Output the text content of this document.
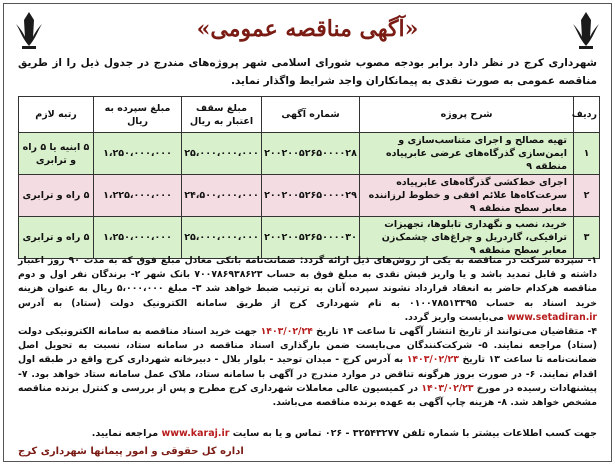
«آگهی مناقصه عمومی»
شهرداری کرج در نظر دارد برابر بودجه مصوب شورای اسلامی شهر پروژه‌های مندرج در جدول ذیل را از طریق مناقصه عمومی به صورت نقدی به پیمانکاران واجد شرایط واگذار نماید.
ردیف	شرح پروژه	شماره آگهی	مبلغ سقف اعتبار به ریال	مبلغ سپرده به ریال	رتبه لازم
۱	تهیه مصالح و اجرای متناسب‌سازی و ایمن‌سازی گذرگاه‌های عرضی عابرپیاده منطقه ۹	۲۰۰۲۰۰۵۲۶۵۰۰۰۰۲۸	۲۵،۰۰۰،۰۰۰،۰۰۰	۱،۲۵۰،۰۰۰،۰۰۰	۵ ابنیه یا ۵ راه و ترابری
۲	اجرای خط‌کشی گذرگاه‌های عابرپیاده سرعت‌کاه‌ها علائم افقی و خطوط لرزاننده معابر سطح منطقه ۹	۲۰۰۲۰۰۵۲۶۵۰۰۰۰۲۹	۲۴،۵۰۰،۰۰۰،۰۰۰	۱،۲۲۵،۰۰۰،۰۰۰	۵ راه و ترابری
۳	خرید، نصب و نگهداری تابلوها، تجهیزات ترافیکی، گاردریل و چراغ‌های چشمک‌زن معابر سطح منطقه ۹	۲۰۰۲۰۰۵۲۶۵۰۰۰۰۳۰	۲۵،۰۰۰،۰۰۰،۰۰۰	۱،۲۵۰،۰۰۰،۰۰۰	۵ راه و ترابری

۱- سپرده شرکت در مناقصه به یکی از روش‌های ذیل ارائه گردد: ضمانت‌نامه بانکی معادل مبلغ فوق که به مدت ۹۰ روز اعتبار داشته و قابل تمدید باشد و یا واریز فیش نقدی به مبلغ فوق به حساب ۷۰۰۷۸۶۹۳۸۶۲۳ بانک شهر ۲- برندگان نفر اول و دوم مناقصه هرکدام حاضر به انعقاد قرارداد نشوند سپرده آنان به ترتیب ضبط خواهد شد ۳- مبلغ ۵،۰۰۰،۰۰۰ ریال به عنوان هزینه خرید اسناد به حساب ۰۱۰۰۷۸۵۱۳۳۹۵ به نام شهرداری کرج از طریق سامانه الکترونیک دولت (ستاد) به آدرس www.setadiran.ir می‌بایست واریز گردد.

۴- متقاضیان می‌توانند از تاریخ انتشار آگهی تا ساعت ۱۴ تاریخ ۱۴۰۳/۰۲/۲۴ جهت خرید اسناد مناقصه به سامانه الکترونیکی دولت (ستاد) مراجعه نمایند. ۵- شرکت‌کنندگان می‌بایست ضمن بارگذاری اسناد مناقصه در سامانه ستاد، نسبت به تحویل اصل ضمانت‌نامه تا ساعت ۱۳ تاریخ ۱۴۰۳/۰۲/۲۳ به آدرس کرج - میدان توحید - بلوار بلال - دبیرخانه شهرداری کرج واقع در طبقه اول اقدام نمایند. ۶- در صورت بروز هرگونه تناقض در موارد مندرج در آگهی با سامانه ستاد، ملاک عمل سامانه ستاد خواهد بود. ۷- پیشنهادات رسیده در مورخ ۱۴۰۳/۰۲/۲۳ در کمیسیون عالی معاملات شهرداری کرج مطرح و پس از بررسی و کنترل برنده مناقصه مشخص خواهد شد. ۸- هزینه چاپ آگهی به عهده برنده مناقصه می‌باشد.

جهت کسب اطلاعات بیشتر با شماره تلفن ۳۲۵۴۳۲۷۷ - ۰۲۶ تماس و یا به سایت www.karaj.ir مراجعه نمایید.
اداره کل حقوقی و امور پیمانها شهرداری کرج
